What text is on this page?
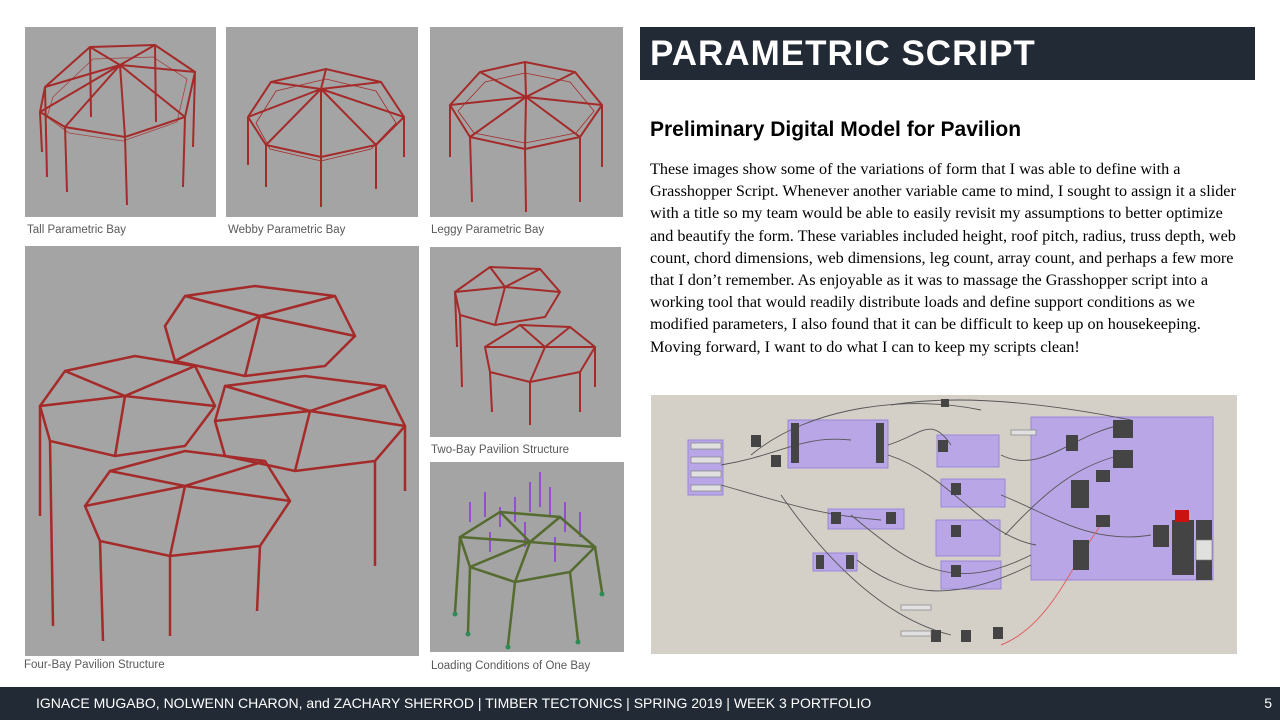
Tall Parametric Bay	Webby Parametric Bay	Leggy Parametric Bay
Four-Bay Pavilion Structure
Two-Bay Pavilion Structure
Loading Conditions of One Bay
PARAMETRIC SCRIPT
Preliminary Digital Model for Pavilion
These images show some of the variations of form that I was able to define with a Grasshopper Script. Whenever another variable came to mind, I sought to assign it a slider with a title so my team would be able to easily revisit my assumptions to better optimize and beautify the form. These variables included height, roof pitch, radius, truss depth, web count, chord dimensions, web dimensions, leg count, array count, and perhaps a few more that I don’t remember. As enjoyable as it was to massage the Grasshopper script into a working tool that would readily distribute loads and define support conditions as we modified parameters, I also found that it can be difficult to keep up on housekeeping. Moving forward, I want to do what I can to keep my scripts clean!
IGNACE MUGABO, NOLWENN CHARON, and ZACHARY SHERROD | TIMBER TECTONICS | SPRING 2019 | WEEK 3 PORTFOLIO	5
